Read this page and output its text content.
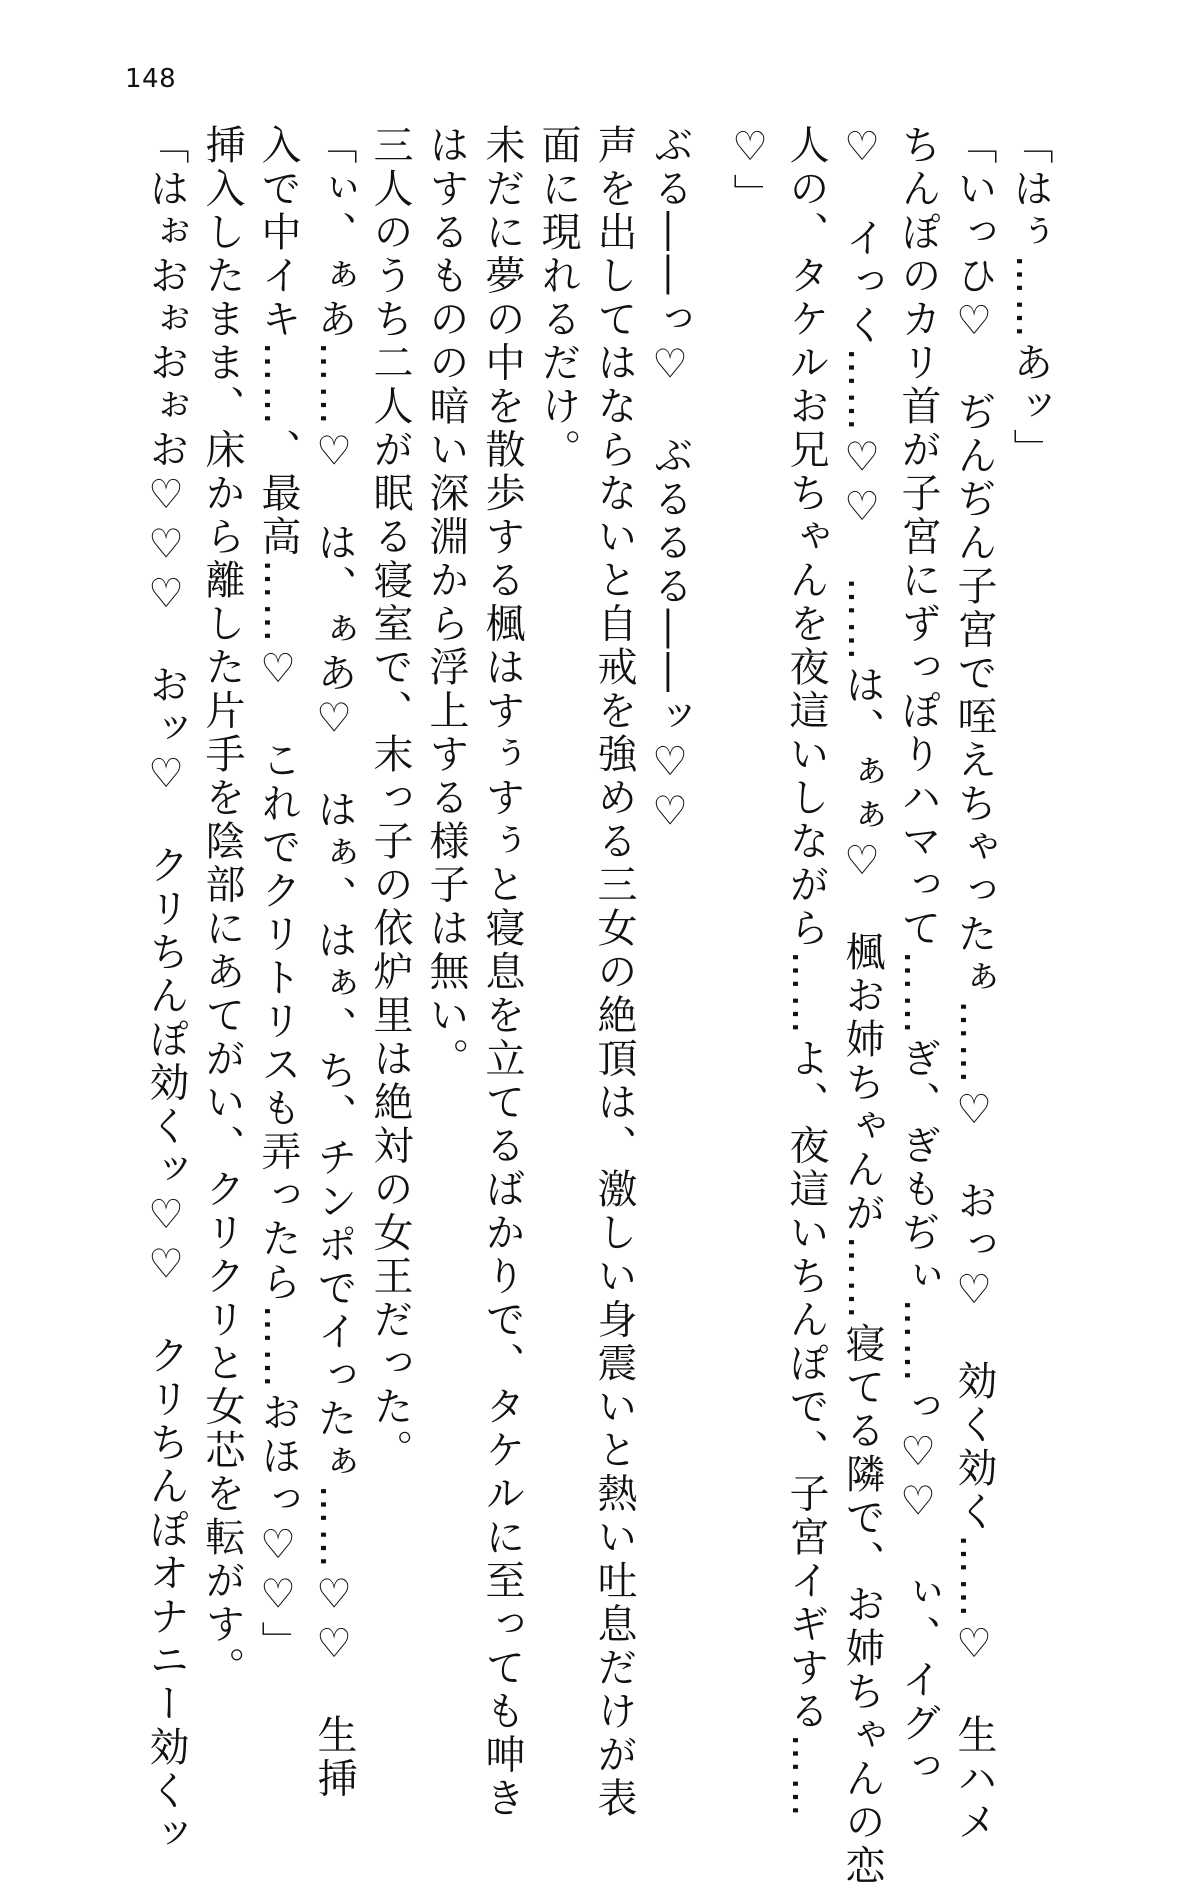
148
「はぅ……あッ」
「いっひ♡　ぢんぢん子宮で咥えちゃったぁ……♡　おっ♡　効く効く……♡　生ハメ
ちんぽのカリ首が子宮にずっぽりハマって……ぎ、ぎもぢぃ……っ♡♡　ぃ、イグっ
♡　イっく……♡♡　……は、ぁぁ♡　楓お姉ちゃんが……寝てる隣で、お姉ちゃんの恋
人の、タケルお兄ちゃんを夜這いしながら……よ、夜這いちんぽで、子宮イギする……
♡」
ぶる――っ♡　ぶるるる――ッ♡♡
声を出してはならないと自戒を強める三女の絶頂は、激しい身震いと熱い吐息だけが表
面に現れるだけ。
未だに夢の中を散歩する楓はすぅすぅと寝息を立てるばかりで、タケルに至っても呻き
はするものの暗い深淵から浮上する様子は無い。
三人のうち二人が眠る寝室で、末っ子の依炉里は絶対の女王だった。
「ぃ、ぁあ……♡　は、ぁあ♡　はぁ、はぁ、ち、チンポでイったぁ……♡♡　生挿
入で中イキ……、最高……♡　これでクリトリスも弄ったら……おほっ♡♡」
挿入したまま、床から離した片手を陰部にあてがい、クリクリと女芯を転がす。
「はぉおぉおぉお♡♡♡　おッ♡　クリちんぽ効くッ♡♡　クリちんぽオナニー効くッ
